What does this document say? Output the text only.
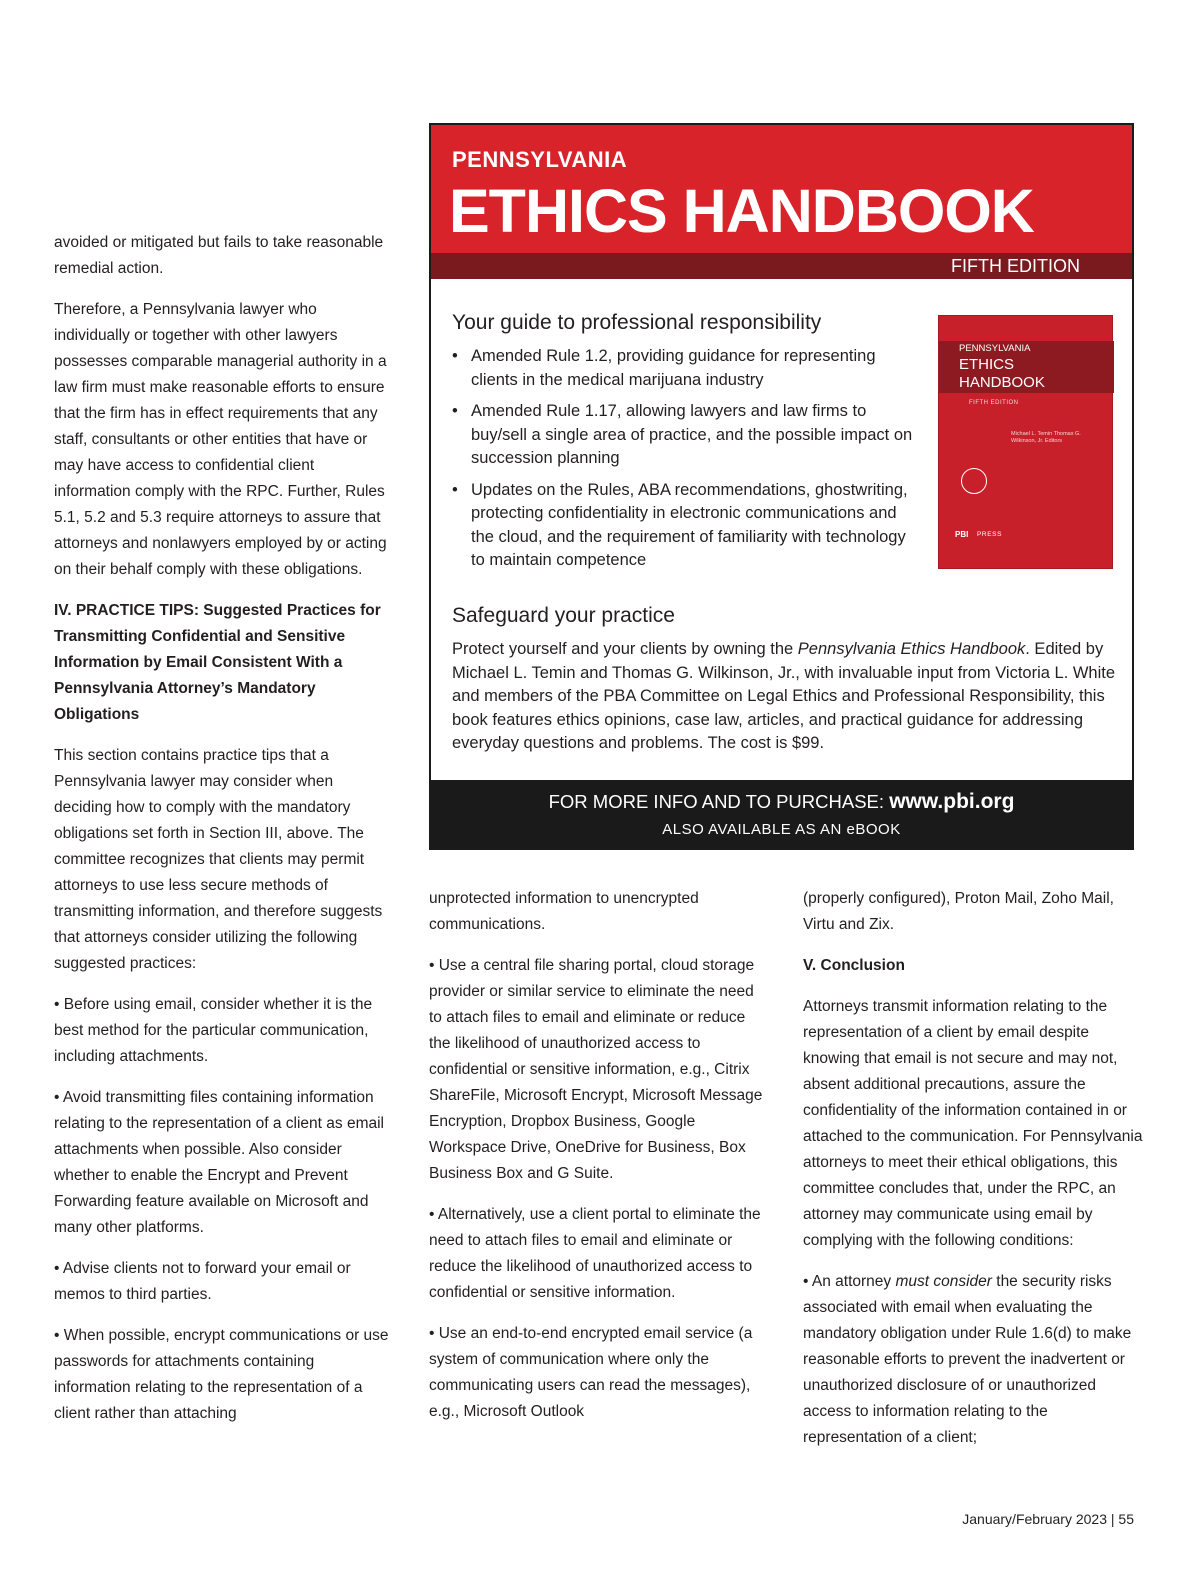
avoided or mitigated but fails to take reasonable remedial action.

Therefore, a Pennsylvania lawyer who individually or together with other lawyers possesses comparable managerial authority in a law firm must make reasonable efforts to ensure that the firm has in effect requirements that any staff, consultants or other entities that have or may have access to confidential client information comply with the RPC. Further, Rules 5.1, 5.2 and 5.3 require attorneys to assure that attorneys and nonlawyers employed by or acting on their behalf comply with these obligations.

IV. PRACTICE TIPS: Suggested Practices for Transmitting Confidential and Sensitive Information by Email Consistent With a Pennsylvania Attorney’s Mandatory Obligations

This section contains practice tips that a Pennsylvania lawyer may consider when deciding how to comply with the mandatory obligations set forth in Section III, above. The committee recognizes that clients may permit attorneys to use less secure methods of transmitting information, and therefore suggests that attorneys consider utilizing the following suggested practices:

• Before using email, consider whether it is the best method for the particular communication, including attachments.

• Avoid transmitting files containing information relating to the representation of a client as email attachments when possible. Also consider whether to enable the Encrypt and Prevent Forwarding feature available on Microsoft and many other platforms.

• Advise clients not to forward your email or memos to third parties.

• When possible, encrypt communications or use passwords for attachments containing information relating to the representation of a client rather than attaching

PENNSYLVANIA
ETHICS HANDBOOK
FIFTH EDITION
Your guide to professional responsibility
• Amended Rule 1.2, providing guidance for representing clients in the medical marijuana industry
• Amended Rule 1.17, allowing lawyers and law firms to buy/sell a single area of practice, and the possible impact on succession planning
• Updates on the Rules, ABA recommendations, ghostwriting, protecting confidentiality in electronic communications and the cloud, and the requirement of familiarity with technology to maintain competence
PENNSYLVANIA
ETHICS
HANDBOOK
FIFTH EDITION
Michael L. Temin Thomas G. Wilkinson, Jr. Editors
PBI PRESS
Safeguard your practice
Protect yourself and your clients by owning the Pennsylvania Ethics Handbook. Edited by Michael L. Temin and Thomas G. Wilkinson, Jr., with invaluable input from Victoria L. White and members of the PBA Committee on Legal Ethics and Professional Responsibility, this book features ethics opinions, case law, articles, and practical guidance for addressing everyday questions and problems. The cost is $99.
FOR MORE INFO AND TO PURCHASE: www.pbi.org
ALSO AVAILABLE AS AN eBOOK

unprotected information to unencrypted communications.

• Use a central file sharing portal, cloud storage provider or similar service to eliminate the need to attach files to email and eliminate or reduce the likelihood of unauthorized access to confidential or sensitive information, e.g., Citrix ShareFile, Microsoft Encrypt, Microsoft Message Encryption, Dropbox Business, Google Workspace Drive, OneDrive for Business, Box Business Box and G Suite.

• Alternatively, use a client portal to eliminate the need to attach files to email and eliminate or reduce the likelihood of unauthorized access to confidential or sensitive information.

• Use an end-to-end encrypted email service (a system of communication where only the communicating users can read the messages), e.g., Microsoft Outlook

(properly configured), Proton Mail, Zoho Mail, Virtu and Zix.

V. Conclusion

Attorneys transmit information relating to the representation of a client by email despite knowing that email is not secure and may not, absent additional precautions, assure the confidentiality of the information contained in or attached to the communication. For Pennsylvania attorneys to meet their ethical obligations, this committee concludes that, under the RPC, an attorney may communicate using email by complying with the following conditions:

• An attorney must consider the security risks associated with email when evaluating the mandatory obligation under Rule 1.6(d) to make reasonable efforts to prevent the inadvertent or unauthorized disclosure of or unauthorized access to information relating to the representation of a client;

January/February 2023 | 55
